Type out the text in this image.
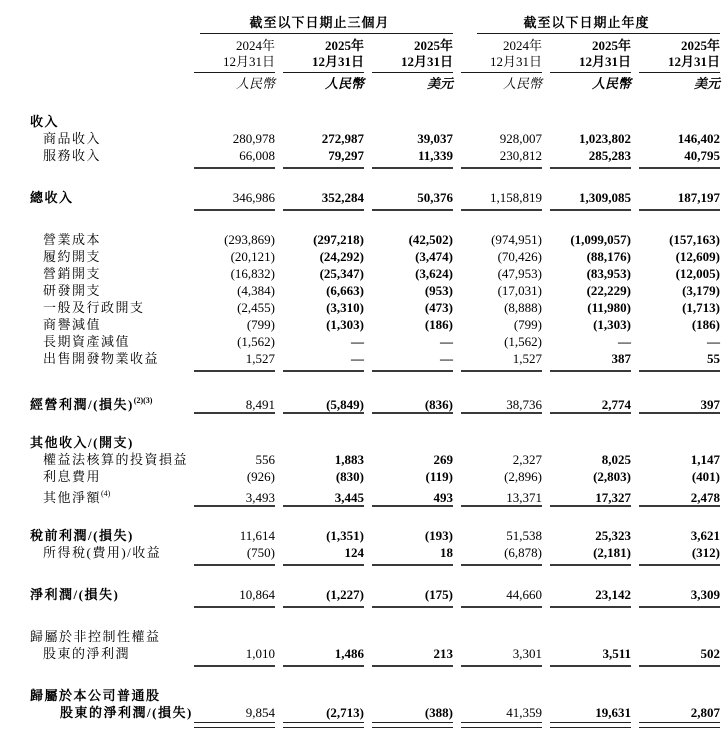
截至以下日期止三個月	截至以下日期止年度
2024年	2025年	2025年	2024年	2025年	2025年
12月31日	12月31日	12月31日	12月31日	12月31日	12月31日
人民幣	人民幣	美元	人民幣	人民幣	美元
收入
商品收入	280,978	272,987	39,037	928,007	1,023,802	146,402
服務收入	66,008	79,297	11,339	230,812	285,283	40,795
總收入	346,986	352,284	50,376	1,158,819	1,309,085	187,197
營業成本	(293,869)	(297,218)	(42,502)	(974,951)	(1,099,057)	(157,163)
履約開支	(20,121)	(24,292)	(3,474)	(70,426)	(88,176)	(12,609)
營銷開支	(16,832)	(25,347)	(3,624)	(47,953)	(83,953)	(12,005)
研發開支	(4,384)	(6,663)	(953)	(17,031)	(22,229)	(3,179)
一般及行政開支	(2,455)	(3,310)	(473)	(8,888)	(11,980)	(1,713)
商譽減值	(799)	(1,303)	(186)	(799)	(1,303)	(186)
長期資產減值	(1,562)	—	—	(1,562)	—	—
出售開發物業收益	1,527	—	—	1,527	387	55
經營利潤/(損失)$^{(2)(3)}$	8,491	(5,849)	(836)	38,736	2,774	397
其他收入/(開支)
權益法核算的投資損益	556	1,883	269	2,327	8,025	1,147
利息費用	(926)	(830)	(119)	(2,896)	(2,803)	(401)
其他淨額$^{(4)}$	3,493	3,445	493	13,371	17,327	2,478
稅前利潤/(損失)	11,614	(1,351)	(193)	51,538	25,323	3,621
所得稅(費用)/收益	(750)	124	18	(6,878)	(2,181)	(312)
淨利潤/(損失)	10,864	(1,227)	(175)	44,660	23,142	3,309
歸屬於非控制性權益
股東的淨利潤	1,010	1,486	213	3,301	3,511	502
歸屬於本公司普通股
股東的淨利潤/(損失)	9,854	(2,713)	(388)	41,359	19,631	2,807
